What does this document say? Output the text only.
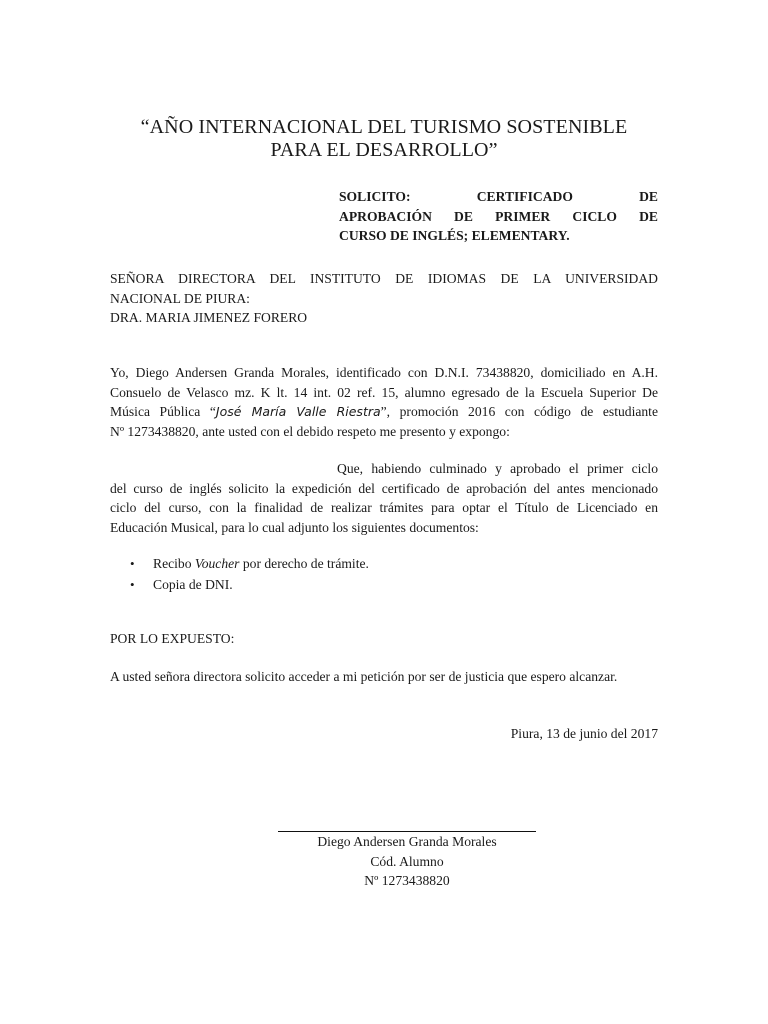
“AÑO INTERNACIONAL DEL TURISMO SOSTENIBLE
PARA EL DESARROLLO”
SOLICITO: CERTIFICADO DE
APROBACIÓN DE PRIMER CICLO DE
CURSO DE INGLÉS; ELEMENTARY.
SEÑORA DIRECTORA DEL INSTITUTO DE IDIOMAS DE LA UNIVERSIDAD
NACIONAL DE PIURA:
DRA. MARIA JIMENEZ FORERO
Yo, Diego Andersen Granda Morales, identificado con D.N.I. 73438820, domiciliado en A.H.
Consuelo de Velasco mz. K lt. 14 int. 02 ref. 15, alumno egresado de la Escuela Superior De
Música Pública “José María Valle Riestra”, promoción 2016 con código de estudiante
Nº 1273438820, ante usted con el debido respeto me presento y expongo:
Que, habiendo culminado y aprobado el primer ciclo
del curso de inglés solicito la expedición del certificado de aprobación del antes mencionado
ciclo del curso, con la finalidad de realizar trámites para optar el Título de Licenciado en
Educación Musical, para lo cual adjunto los siguientes documentos:
• Recibo Voucher por derecho de trámite.
• Copia de DNI.
POR LO EXPUESTO:
A usted señora directora solicito acceder a mi petición por ser de justicia que espero alcanzar.
Piura, 13 de junio del 2017
Diego Andersen Granda Morales
Cód. Alumno
Nº 1273438820
